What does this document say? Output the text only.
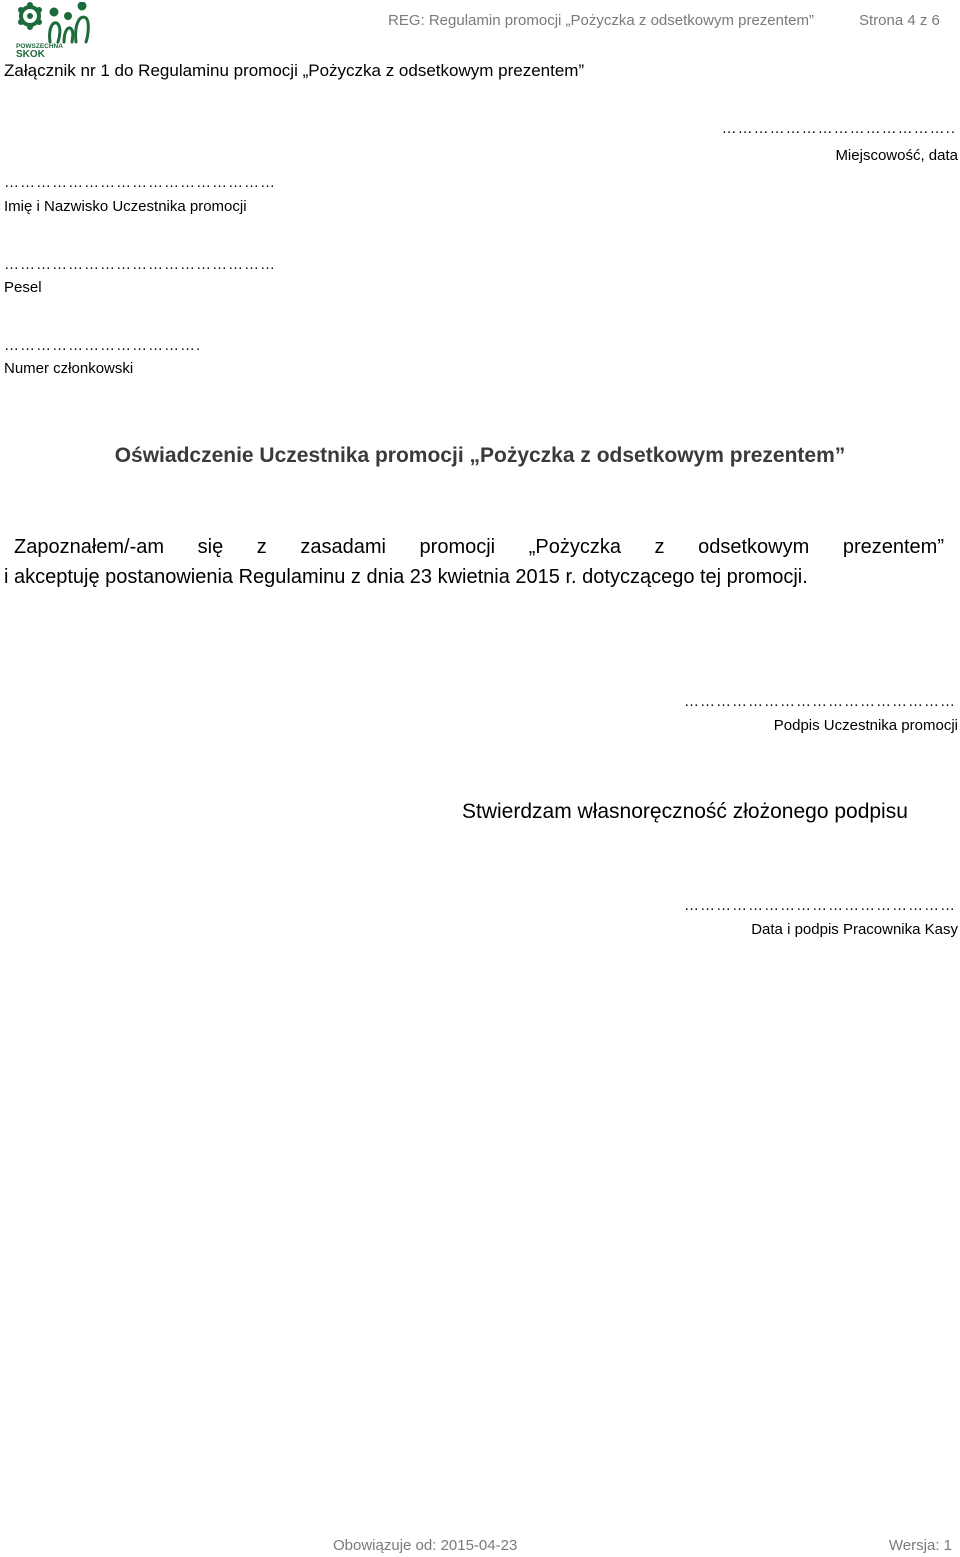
POWSZECHNA
SKOK
REG: Regulamin promocji „Pożyczka z odsetkowym prezentem”	Strona 4 z 6
Załącznik nr 1 do Regulaminu promocji „Pożyczka z odsetkowym prezentem”
……………………………………..
Miejscowość, data
……………………………………………
Imię i Nazwisko Uczestnika promocji
……………………………………………
Pesel
……………………………….
Numer członkowski
Oświadczenie Uczestnika promocji „Pożyczka z odsetkowym prezentem”
Zapoznałem/-am się z zasadami promocji „Pożyczka z odsetkowym prezentem”
i akceptuję postanowienia Regulaminu z dnia 23 kwietnia 2015 r. dotyczącego tej promocji.
……………………………………………
Podpis Uczestnika promocji
Stwierdzam własnoręczność złożonego podpisu
……………………………………………
Data i podpis Pracownika Kasy
Obowiązuje od: 2015-04-23	Wersja: 1
